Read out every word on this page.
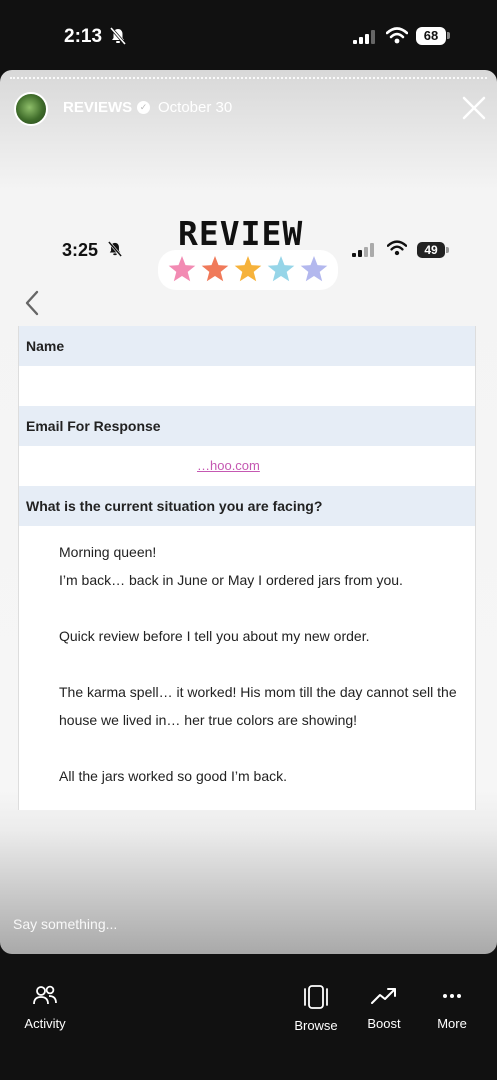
2:13	68
REVIEWS ✓ October 30
3:25	49
REVIEW
Name
Email For Response
…hoo.com
What is the current situation you are facing?
Morning queen!
I’m back… back in June or May I ordered jars from you.
Quick review before I tell you about my new order.
The karma spell… it worked! His mom till the day cannot sell the
house we lived in… her true colors are showing!
All the jars worked so good I’m back.
Say something...
Activity	Browse	Boost	More
